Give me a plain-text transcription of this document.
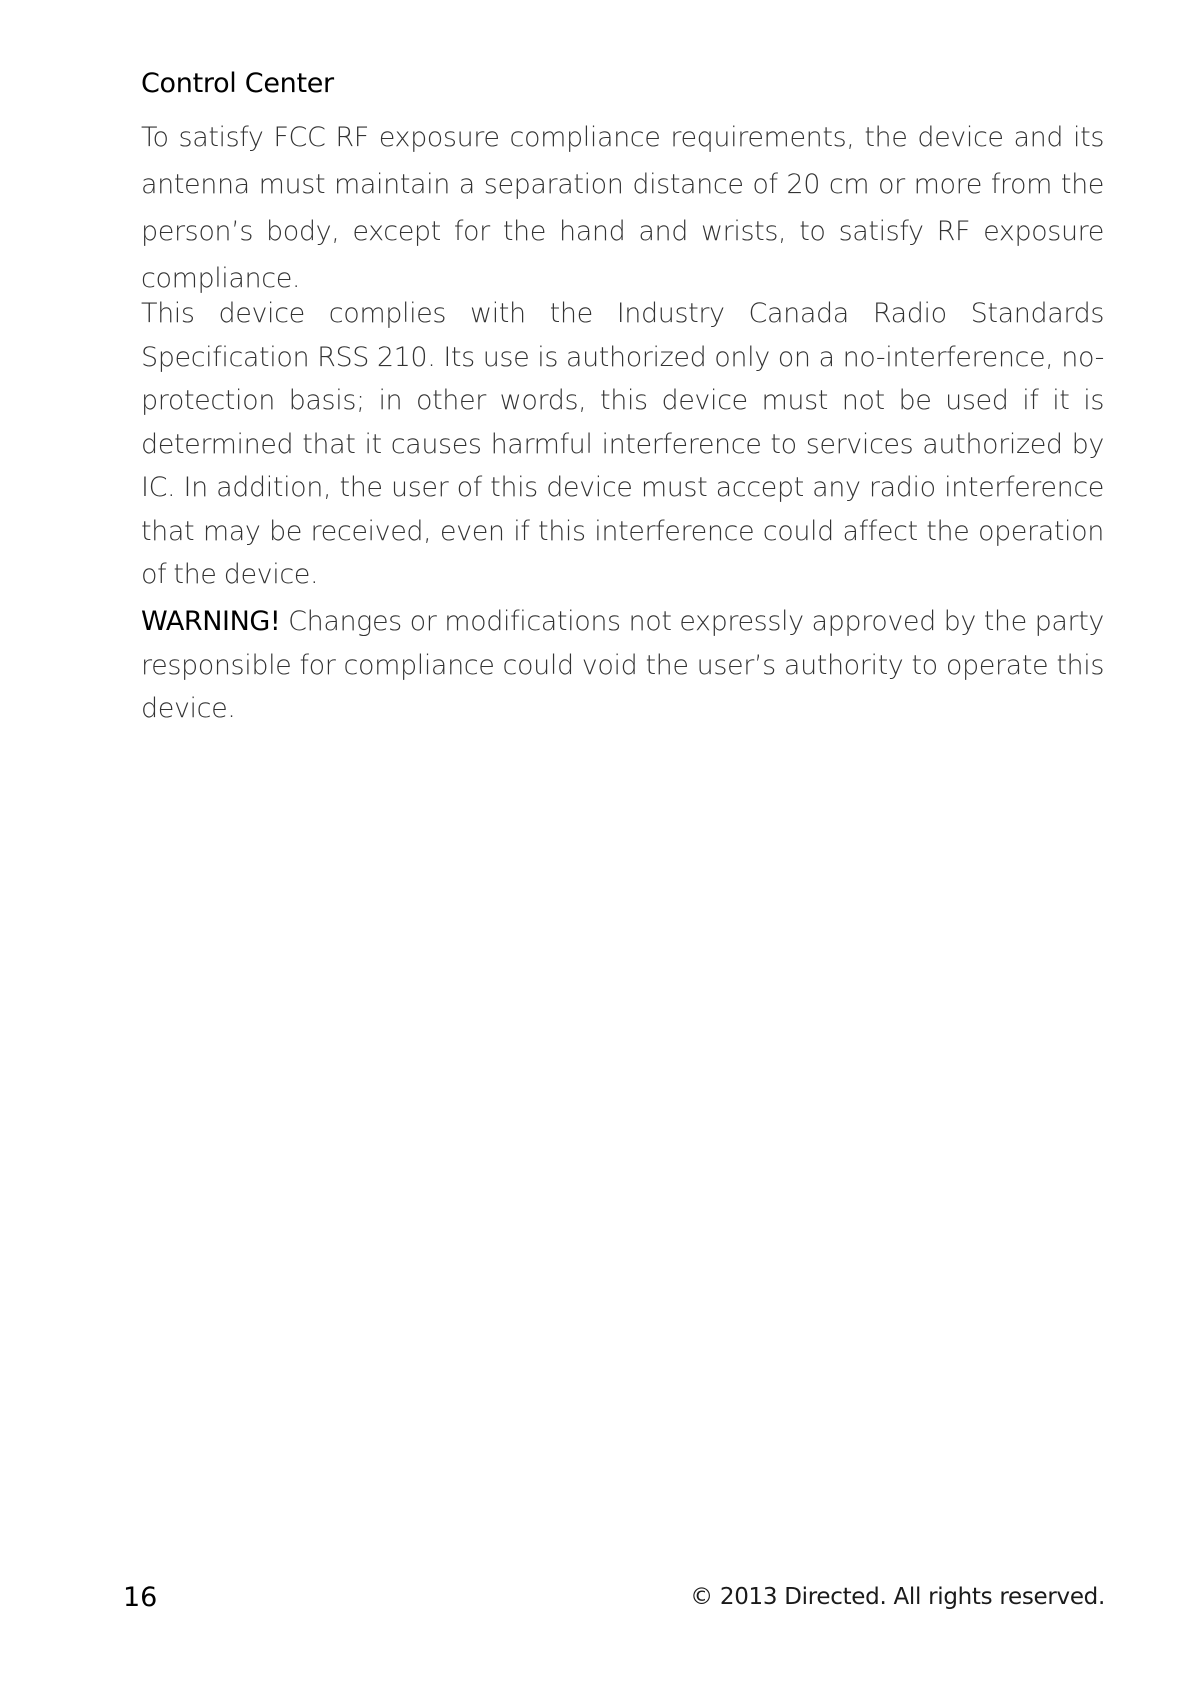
Control Center

To satisfy FCC RF exposure compliance requirements, the device and its antenna must maintain a separation distance of 20 cm or more from the person’s body, except for the hand and wrists, to satisfy RF exposure compliance.

This device complies with the Industry Canada Radio Standards Specification RSS 210. Its use is authorized only on a no-interference, no-protection basis; in other words, this device must not be used if it is determined that it causes harmful interference to services authorized by IC. In addition, the user of this device must accept any radio interference that may be received, even if this interference could affect the operation of the device.

WARNING! Changes or modifications not expressly approved by the party responsible for compliance could void the user’s authority to operate this device.

16	© 2013 Directed. All rights reserved.
